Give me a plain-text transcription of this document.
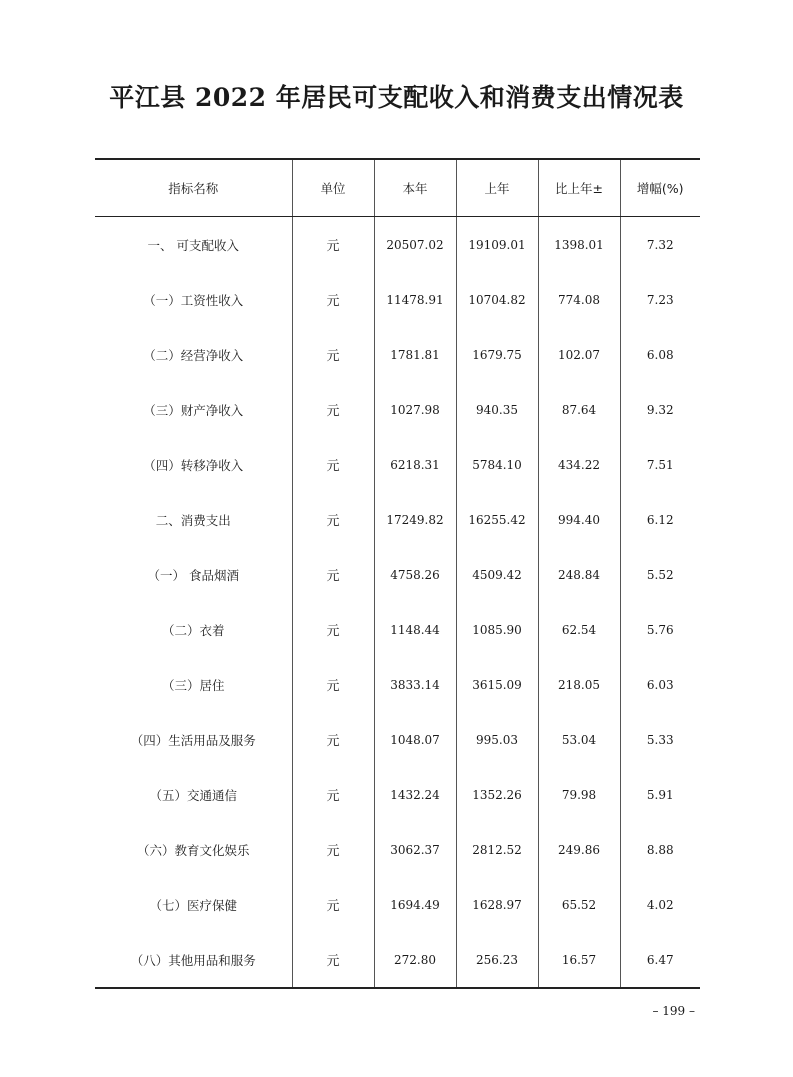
平江县 2022 年居民可支配收入和消费支出情况表
指标名称	单位	本年	上年	比上年±	增幅(%)
一、 可支配收入	元	20507.02	19109.01	1398.01	7.32
（一）工资性收入	元	11478.91	10704.82	774.08	7.23
（二）经营净收入	元	1781.81	1679.75	102.07	6.08
（三）财产净收入	元	1027.98	940.35	87.64	9.32
（四）转移净收入	元	6218.31	5784.10	434.22	7.51
二、消费支出	元	17249.82	16255.42	994.40	6.12
（一） 食品烟酒	元	4758.26	4509.42	248.84	5.52
（二）衣着	元	1148.44	1085.90	62.54	5.76
（三）居住	元	3833.14	3615.09	218.05	6.03
（四）生活用品及服务	元	1048.07	995.03	53.04	5.33
（五）交通通信	元	1432.24	1352.26	79.98	5.91
（六）教育文化娱乐	元	3062.37	2812.52	249.86	8.88
（七）医疗保健	元	1694.49	1628.97	65.52	4.02
（八）其他用品和服务	元	272.80	256.23	16.57	6.47
– 199 –
